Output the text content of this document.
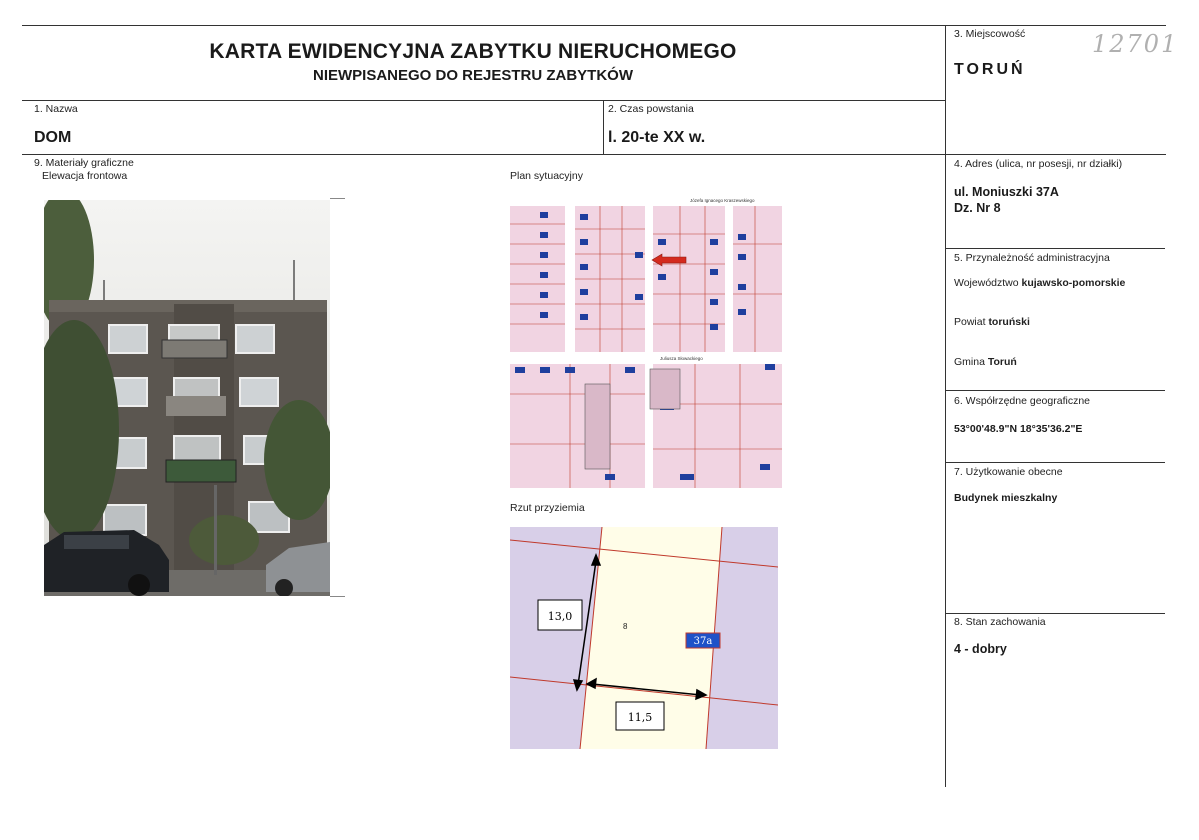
KARTA EWIDENCYJNA ZABYTKU NIERUCHOMEGO
NIEWPISANEGO DO REJESTRU ZABYTKÓW
12701
3. Miejscowość
TORUŃ
1. Nazwa
DOM
2. Czas powstania
l. 20-te XX w.
9. Materiały graficzne
Elewacja frontowa	Plan sytuacyjny
Rzut przyziemia
Józefa Ignacego Kraszewskiego
Juliusza Słowackiego
13,0
11,5
8
37a
4. Adres (ulica, nr posesji, nr działki)
ul. Moniuszki 37A
Dz. Nr 8
5. Przynależność administracyjna
Województwo kujawsko-pomorskie
Powiat toruński
Gmina Toruń
6. Współrzędne geograficzne
53°00'48.9"N 18°35'36.2"E
7. Użytkowanie obecne
Budynek mieszkalny
8. Stan zachowania
4 - dobry
